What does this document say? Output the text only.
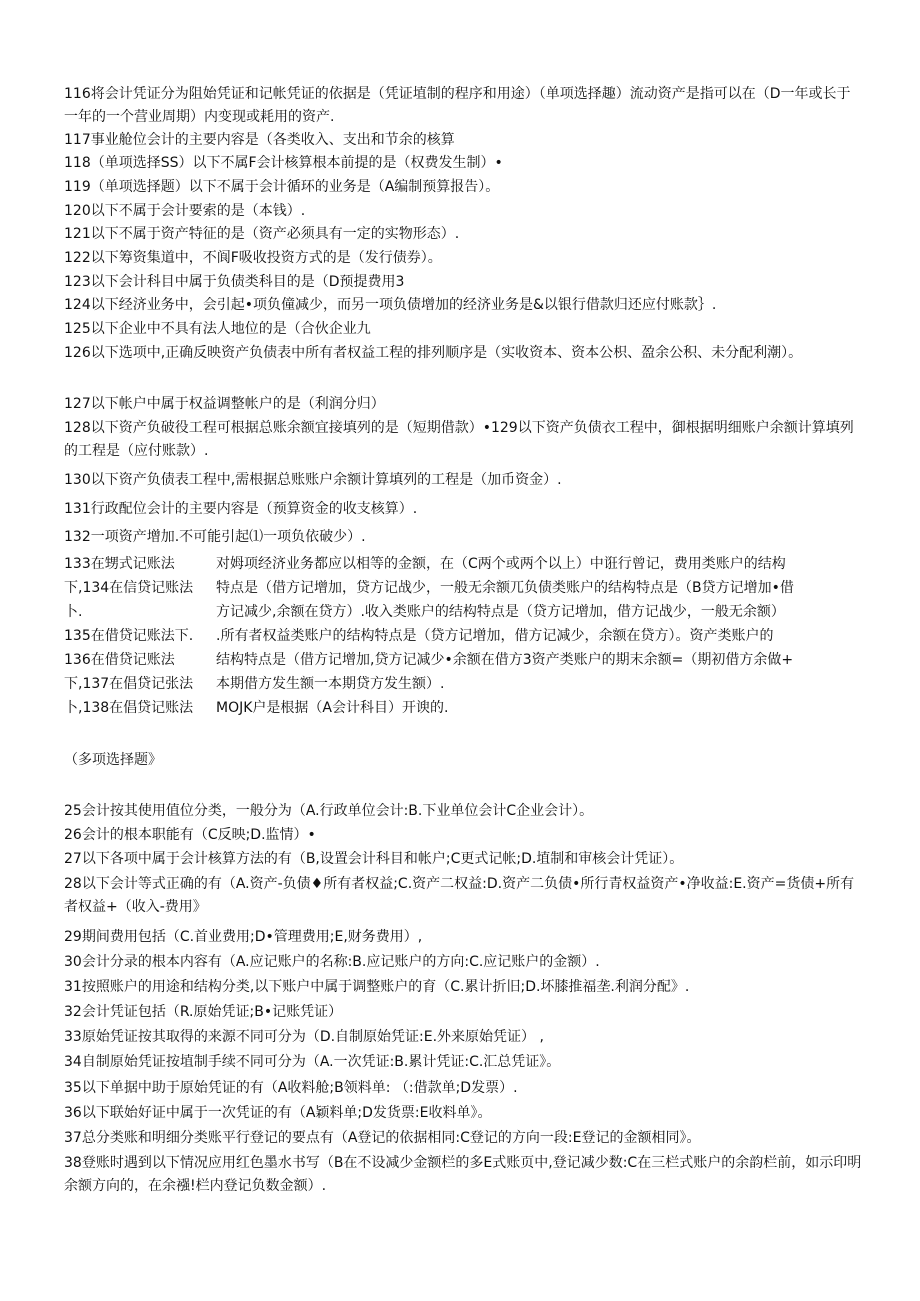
116将会计凭证分为阻始凭证和记帐凭证的依据是（凭证埴制的程序和用途）（单项选择趣）流动资产是指可以在（D一年或长于一年的一个营业周期）内变现或耗用的资产.
117事业舱位会计的主要内容是（各类收入、支出和节余的核算
118（单项选择SS）以下不属F会计核算根本前提的是（权费发生制）•
119（单项选择题）以下不属于会计循环的业务是（A编制预算报告）。
120以下不属于会计要索的是（本钱）.
121以下不属于资产特征的是（资产必须具有一定的实物形态）.
122以下筹资集道中，不阆F吸收投资方式的是（发行债券）。
123以下会计科目中属于负债类科目的是（D预提费用3
124以下经济业务中，会引起•项负僮减少，而另一项负债增加的经济业务是&以银行借款归还应付账款｝.
125以下企业中不具有法人地位的是（合伙企业九
126以下选项中,正确反映资产负债表中所有者权益工程的排列顺序是（实收资本、资本公枳、盈余公积、未分配利潮）。
127以下帐户中属于权益调整帐户的是（利润分归）
128以下资产负破役工程可根据总账余额宜接填列的是（短期借款）•129以下资产负债衣工程中，御根据明细账户余额计算填列的工程是（应付账款）.
130以下资产负债表工程中,需根据总账账户余额计算填列的工程是（加币资金）.
131行政配位会计的主要内容是（预算资金的收支核算）.
132一项资产增加.不可能引起⑴一项负依破少）.
133在甥式记账法
下,134在信贷记账法
卜.
135在借贷记账法下.
136在借贷记账法
下,137在倡贷记张法
卜,138在倡贷记账法
对姆项经济业务都应以相等的金额，在（C两个或两个以上）中诳行曾记，费用类账户的结构
特点是（借方记增加，贷方记战少，一般无余额兀负债类账户的结构特点是（B贷方记增加•借
方记减少,余额在贷方）.收入类账户的结构特点是（贷方记增加，借方记战少，一般无余额）
.所有者权益类账户的结构特点是（贷方记增加，借方记减少，余额在贷方）。资产类账户的
结构特点是（借方记增加,贷方记减少•余额在借方3资产类账户的期末余额=（期初借方余做+
本期借方发生额一本期贷方发生额）.
MOJK户是根据（A会计科目）开谀的.
（多项选择题》
25会计按其使用值位分类，一般分为（A.行政单位会计:B.下业单位会计C企业会计）。
26会计的根本职能有（C反映;D.监情）•
27以下各项中属于会计核算方法的有（B,设置会计科目和帐户;C更式记帐;D.埴制和审核会计凭证）。
28以下会计等式正确的有（A.资产-负债♦所有者权益;C.资产二权益:D.资产二负债•所行青权益资产•净收益:E.资产=货债+所有者权益+（收入-费用》
29期间费用包括（C.首业费用;D•管理费用;E,财务费用）,
30会计分录的根本内容有（A.应记账户的名称:B.应记账户的方向:C.应记账户的金额）.
31按照账户的用途和结构分类,以下账户中属于调整账户的育（C.累计折旧;D.坏膝推福垄.利润分配》.
32会计凭证包括（R.原始凭证;B•记账凭证）
33原始凭证按其取得的来源不同可分为（D.自制原始凭证:E.外来原始凭证） ,
34自制原始凭证按埴制手续不同可分为（A.一次凭证:B.累计凭证:C.汇总凭证》。
35以下单据中助于原始凭证的有（A收料舱;B领料单: （:借款单;D发票）.
36以下联始好证中属于一次凭证的有（A颖料单;D发货票:E收料单》。
37总分类账和明细分类账平行登记的要点有（A登记的依据相同:C登记的方向一段:E登记的金额相同》。
38登账时遇到以下情况应用红色墨水书写（B在不设减少金额栏的多E式账页中,登记减少数:C在三栏式账户的余韵栏前，如示印明余额方向的，在余襁!栏内登记负数金额）.
